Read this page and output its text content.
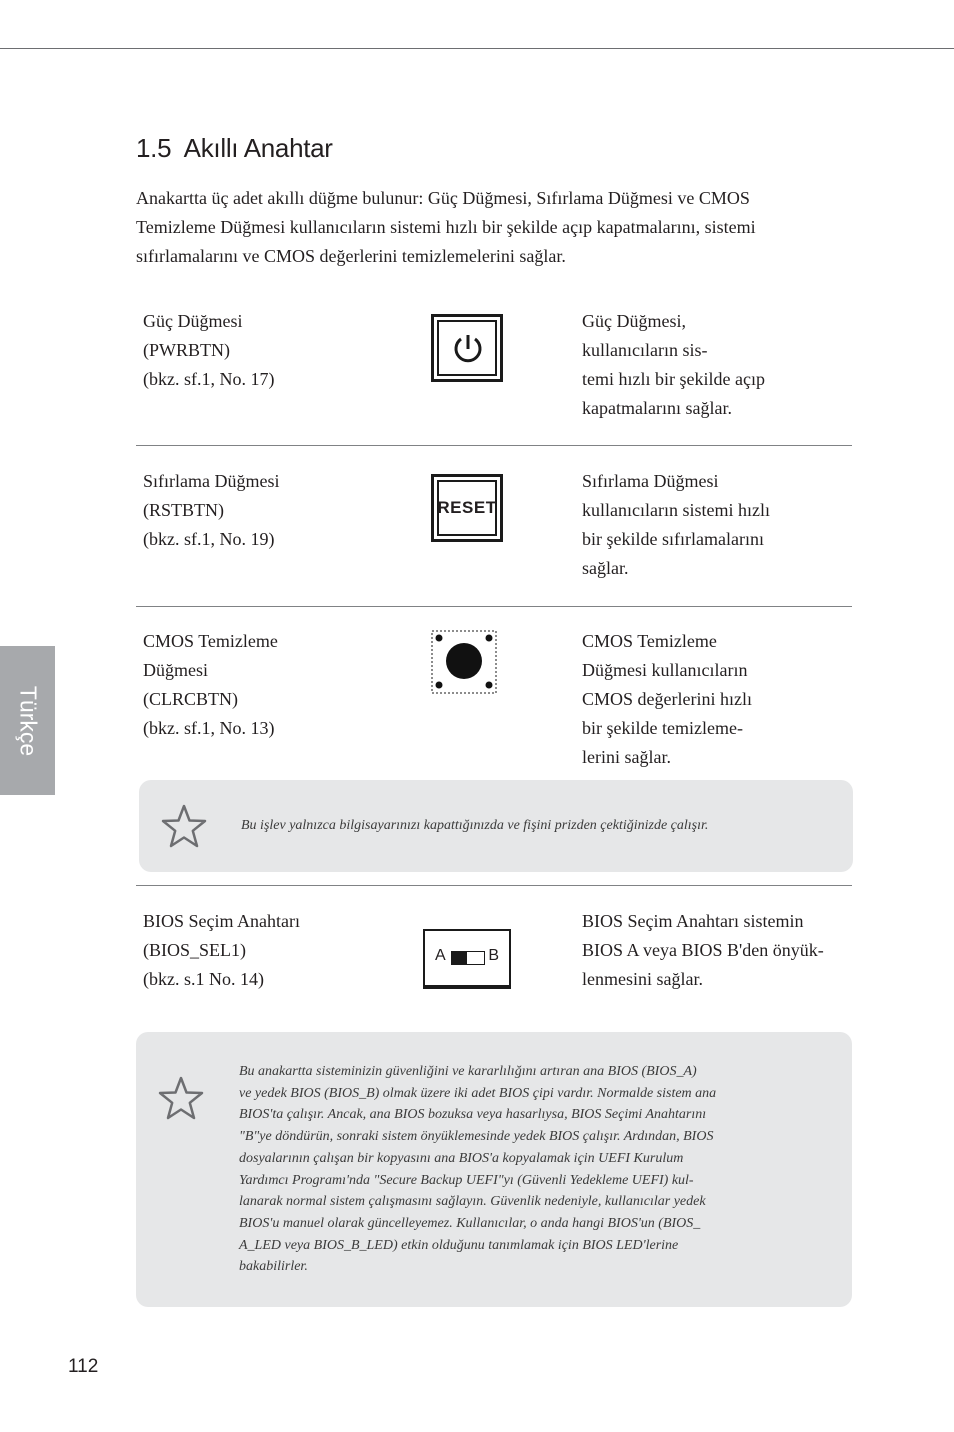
1.5 Akıllı Anahtar

Anakartta üç adet akıllı düğme bulunur: Güç Düğmesi, Sıfırlama Düğmesi ve CMOS Temizleme Düğmesi kullanıcıların sistemi hızlı bir şekilde açıp kapatmalarını, sistemi sıfırlamalarını ve CMOS değerlerini temizlemelerini sağlar.

Güç Düğmesi
(PWRBTN)
(bkz. sf.1, No. 17)
Güç Düğmesi,
kullanıcıların sis-
temi hızlı bir şekilde açıp
kapatmalarını sağlar.
Sıfırlama Düğmesi
(RSTBTN)
(bkz. sf.1, No. 19)
RESET
Sıfırlama Düğmesi
kullanıcıların sistemi hızlı
bir şekilde sıfırlamalarını
sağlar.
CMOS Temizleme
Düğmesi
(CLRCBTN)
(bkz. sf.1, No. 13)
CMOS Temizleme
Düğmesi kullanıcıların
CMOS değerlerini hızlı
bir şekilde temizleme-
lerini sağlar.
Bu işlev yalnızca bilgisayarınızı kapattığınızda ve fişini prizden çektiğinizde çalışır.
BIOS Seçim Anahtarı
(BIOS_SEL1)
(bkz. s.1 No. 14)
A	B
BIOS Seçim Anahtarı sistemin
BIOS A veya BIOS B'den önyük-
lenmesini sağlar.
Bu anakartta sisteminizin güvenliğini ve kararlılığını artıran ana BIOS (BIOS_A)
ve yedek BIOS (BIOS_B) olmak üzere iki adet BIOS çipi vardır. Normalde sistem ana
BIOS'ta çalışır. Ancak, ana BIOS bozuksa veya hasarlıysa, BIOS Seçimi Anahtarını
"B"ye döndürün, sonraki sistem önyüklemesinde yedek BIOS çalışır. Ardından, BIOS
dosyalarının çalışan bir kopyasını ana BIOS'a kopyalamak için UEFI Kurulum
Yardımcı Programı'nda "Secure Backup UEFI"yı (Güvenli Yedekleme UEFI) kul-
lanarak normal sistem çalışmasını sağlayın. Güvenlik nedeniyle, kullanıcılar yedek
BIOS'u manuel olarak güncelleyemez. Kullanıcılar, o anda hangi BIOS'un (BIOS_
A_LED veya BIOS_B_LED) etkin olduğunu tanımlamak için BIOS LED'lerine
bakabilirler.
Türkçe
112
